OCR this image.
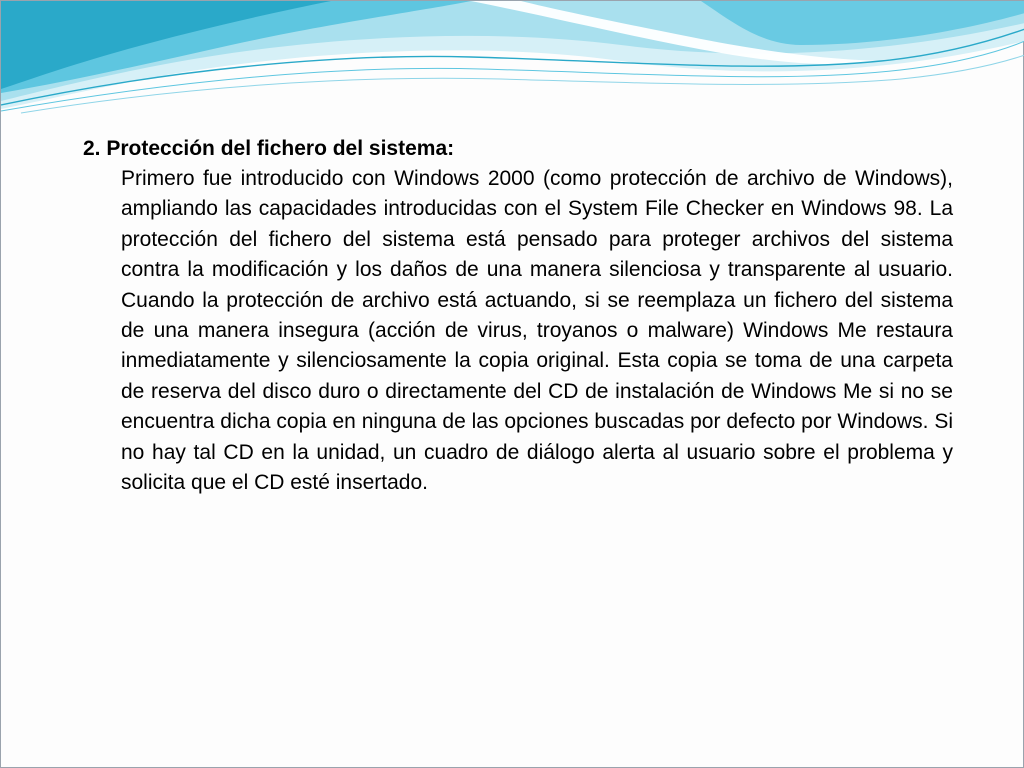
2. Protección del fichero del sistema:

Primero fue introducido con Windows 2000 (como protección de archivo de Windows), ampliando las capacidades introducidas con el System File Checker en Windows 98. La protección del fichero del sistema está pensado para proteger archivos del sistema contra la modificación y los daños de una manera silenciosa y transparente al usuario. Cuando la protección de archivo está actuando, si se reemplaza un fichero del sistema de una manera insegura (acción de virus, troyanos o malware) Windows Me restaura inmediatamente y silenciosamente la copia original. Esta copia se toma de una carpeta de reserva del disco duro o directamente del CD de instalación de Windows Me si no se encuentra dicha copia en ninguna de las opciones buscadas por defecto por Windows. Si no hay tal CD en la unidad, un cuadro de diálogo alerta al usuario sobre el problema y solicita que el CD esté insertado.
